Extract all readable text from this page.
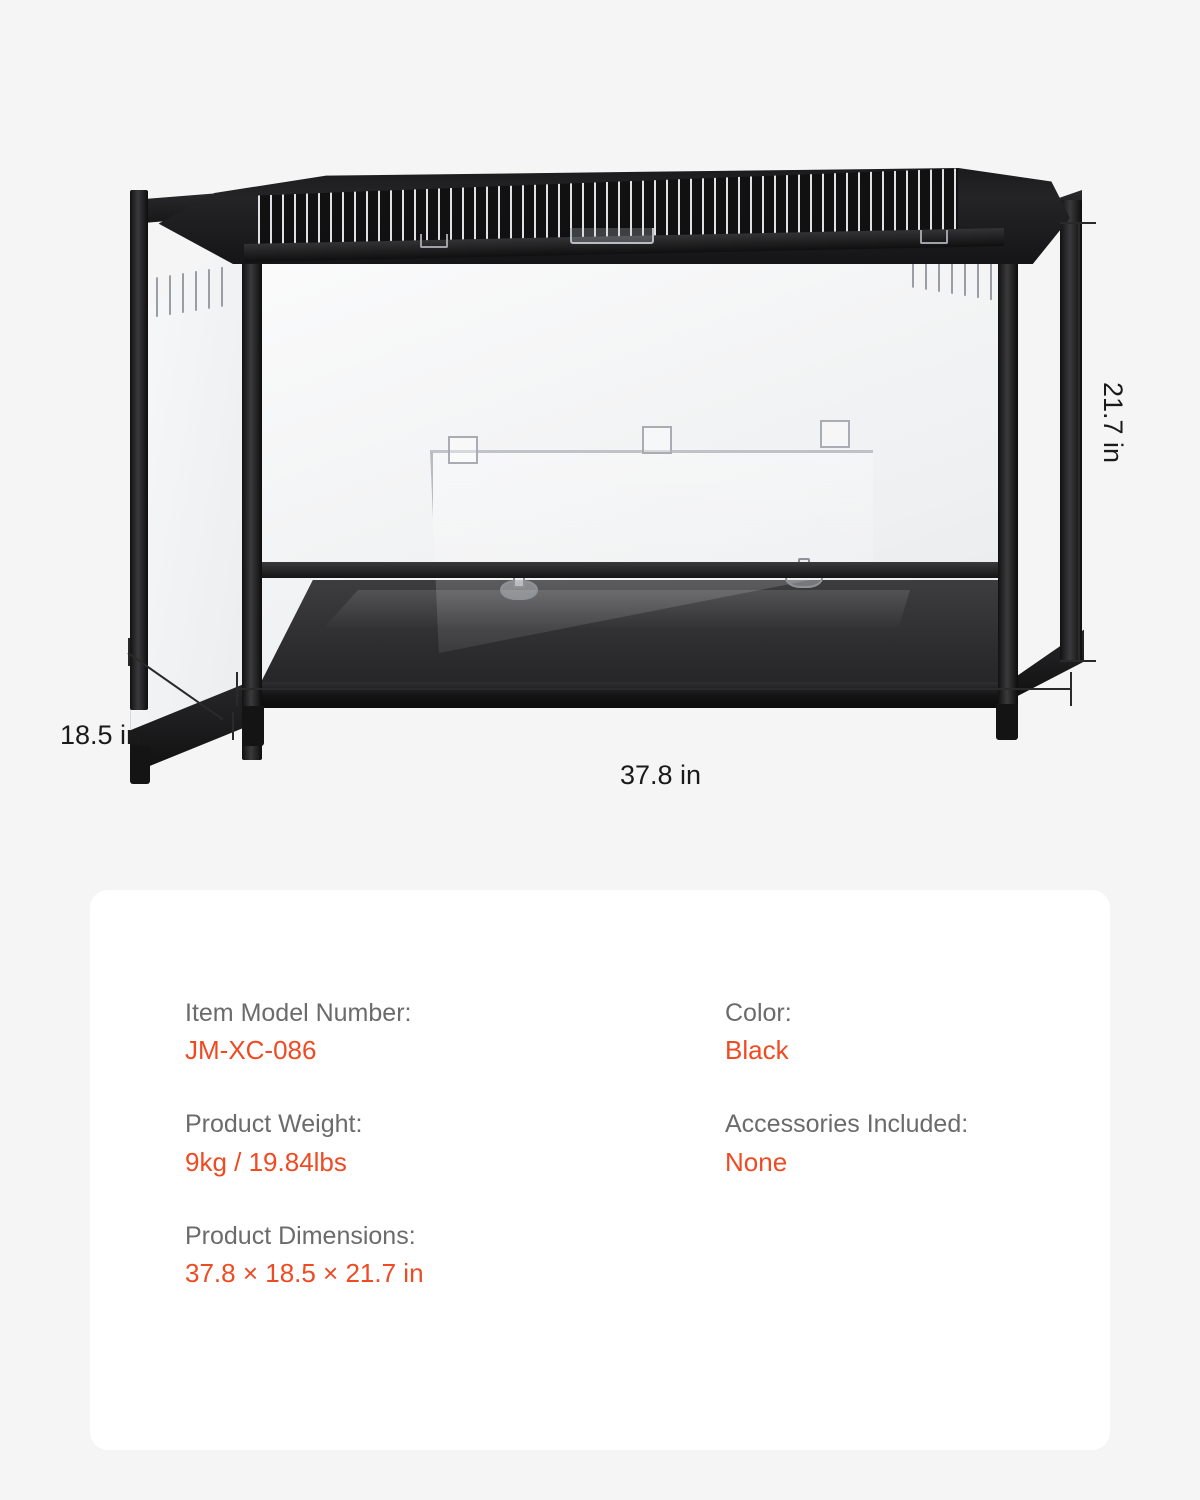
21.7 in
37.8 in
18.5 in
Item Model Number:
JM-XC-086
Color:
Black
Product Weight:
9kg / 19.84lbs
Accessories Included:
None
Product Dimensions:
37.8 × 18.5 × 21.7 in
